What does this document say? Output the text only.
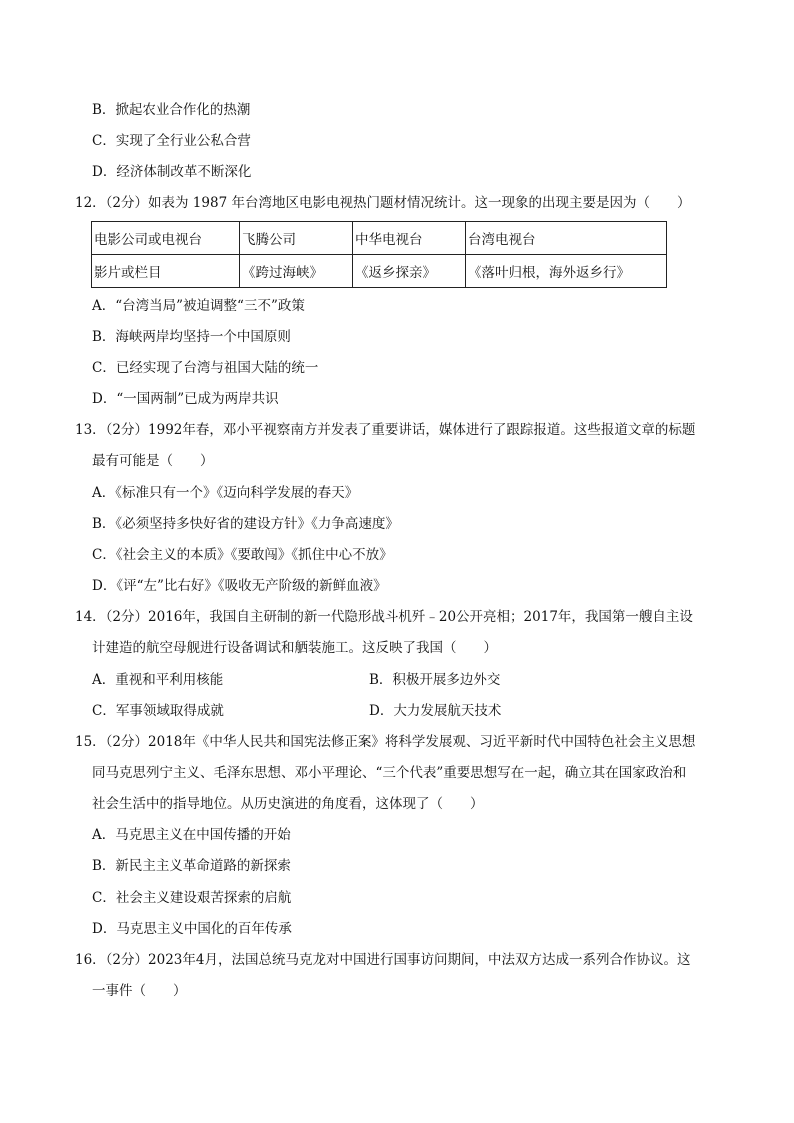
B．掀起农业合作化的热潮
C．实现了全行业公私合营
D．经济体制改革不断深化
12．（2分）如表为 1987 年台湾地区电影电视热门题材情况统计。这一现象的出现主要是因为（　　）
电影公司或电视台	飞腾公司	中华电视台	台湾电视台
影片或栏目	《跨过海峡》	《返乡探亲》	《落叶归根，海外返乡行》
A．“台湾当局”被迫调整“三不”政策
B．海峡两岸均坚持一个中国原则
C．已经实现了台湾与祖国大陆的统一
D．“一国两制”已成为两岸共识
13．（2分）1992年春，邓小平视察南方并发表了重要讲话，媒体进行了跟踪报道。这些报道文章的标题
最有可能是（　　）
A．《标准只有一个》《迈向科学发展的春天》
B．《必须坚持多快好省的建设方针》《力争高速度》
C．《社会主义的本质》《要敢闯》《抓住中心不放》
D．《评“左”比右好》《吸收无产阶级的新鲜血液》
14．（2分）2016年，我国自主研制的新一代隐形战斗机歼﹣20公开亮相；2017年，我国第一艘自主设
计建造的航空母舰进行设备调试和舾装施工。这反映了我国（　　）
A．重视和平利用核能	B．积极开展多边外交
C．军事领域取得成就	D．大力发展航天技术
15．（2分）2018年《中华人民共和国宪法修正案》将科学发展观、习近平新时代中国特色社会主义思想
同马克思列宁主义、毛泽东思想、邓小平理论、“三个代表”重要思想写在一起，确立其在国家政治和
社会生活中的指导地位。从历史演进的角度看，这体现了（　　）
A．马克思主义在中国传播的开始
B．新民主主义革命道路的新探索
C．社会主义建设艰苦探索的启航
D．马克思主义中国化的百年传承
16．（2分）2023年4月，法国总统马克龙对中国进行国事访问期间，中法双方达成一系列合作协议。这
一事件（　　）
